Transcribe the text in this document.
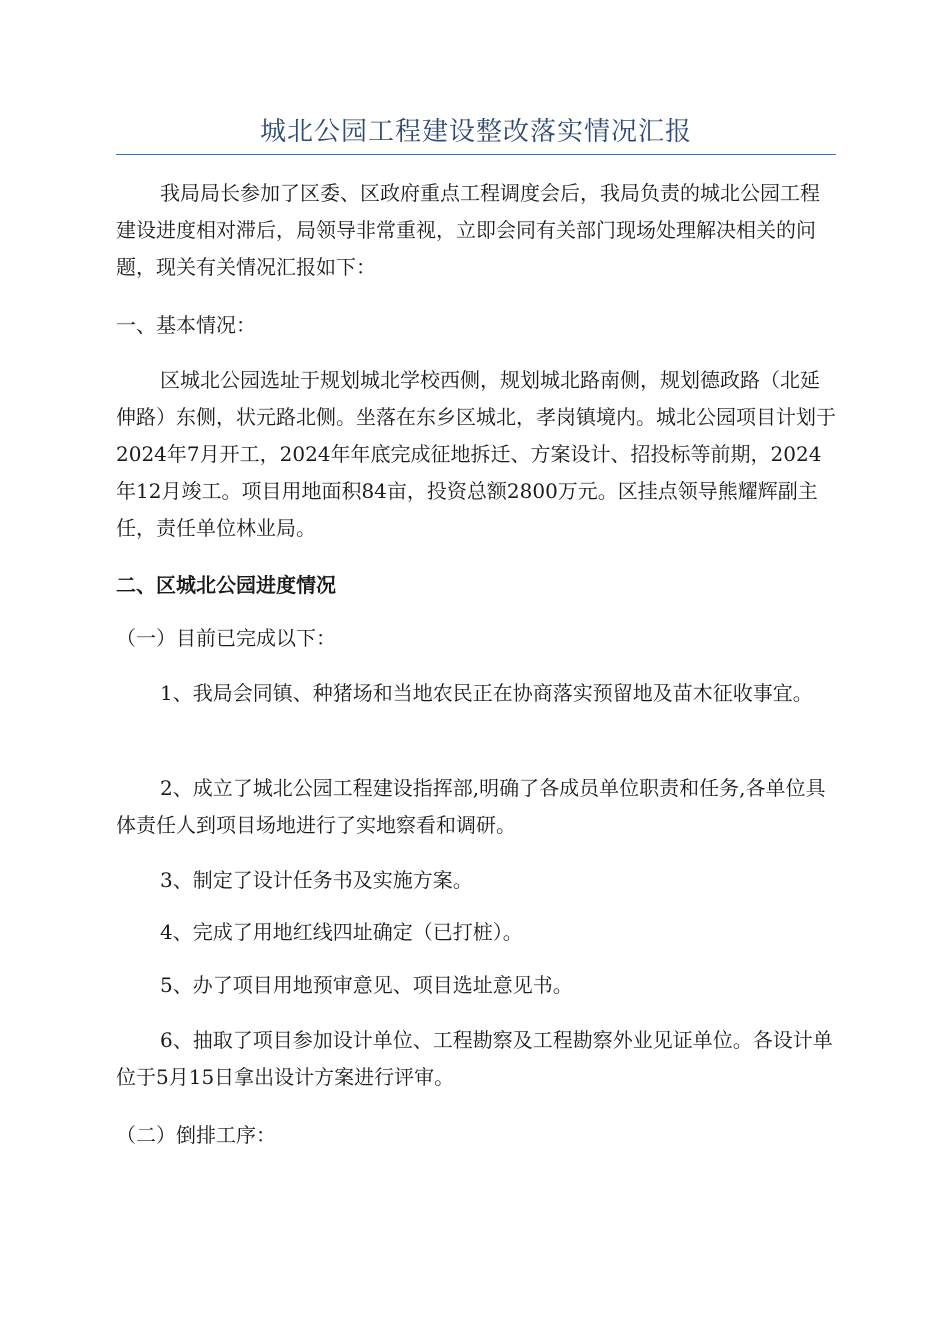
城北公园工程建设整改落实情况汇报

我局局长参加了区委、区政府重点工程调度会后，我局负责的城北公园工程建设进度相对滞后，局领导非常重视，立即会同有关部门现场处理解决相关的问题，现关有关情况汇报如下：

一、基本情况：

区城北公园选址于规划城北学校西侧，规划城北路南侧，规划德政路（北延伸路）东侧，状元路北侧。坐落在东乡区城北，孝岗镇境内。城北公园项目计划于2024年7月开工，2024年年底完成征地拆迁、方案设计、招投标等前期，2024年12月竣工。项目用地面积84亩，投资总额2800万元。区挂点领导熊耀辉副主任，责任单位林业局。

二、区城北公园进度情况

（一）目前已完成以下：

1、我局会同镇、种猪场和当地农民正在协商落实预留地及苗木征收事宜。

2、成立了城北公园工程建设指挥部,明确了各成员单位职责和任务,各单位具体责任人到项目场地进行了实地察看和调研。

3、制定了设计任务书及实施方案。

4、完成了用地红线四址确定（已打桩）。

5、办了项目用地预审意见、项目选址意见书。

6、抽取了项目参加设计单位、工程勘察及工程勘察外业见证单位。各设计单位于5月15日拿出设计方案进行评审。

（二）倒排工序：
